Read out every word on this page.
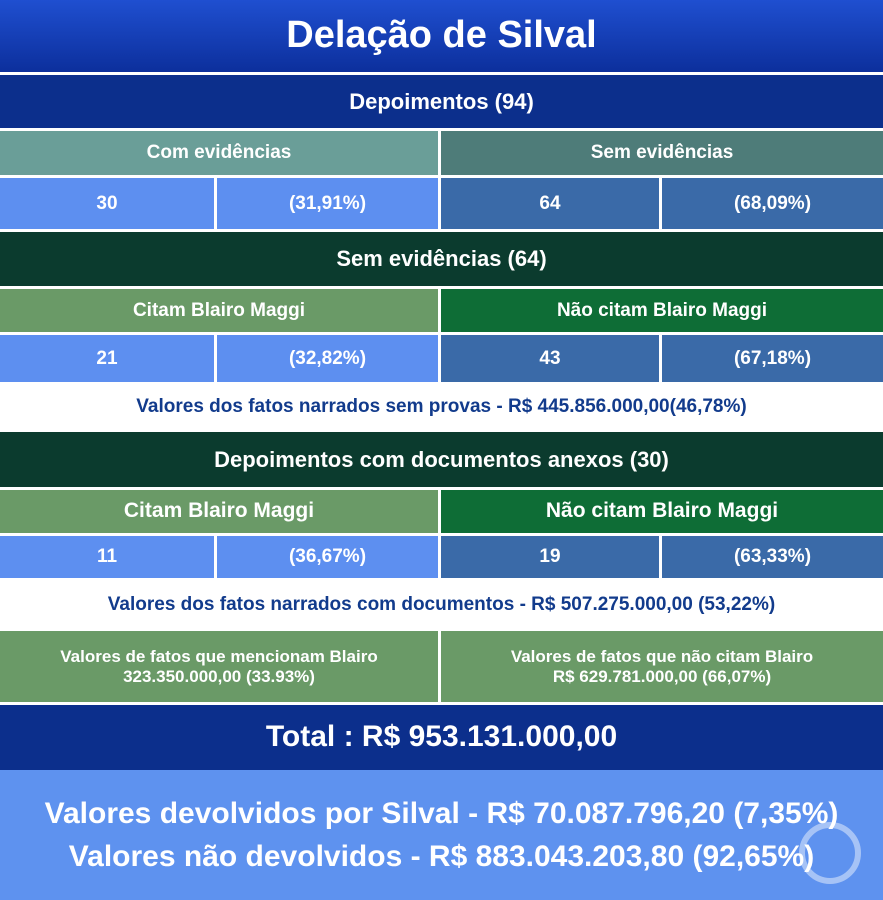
Delação de Silval
Depoimentos (94)
Com evidências	Sem evidências
30	(31,91%)	64	(68,09%)
Sem evidências (64)
Citam Blairo Maggi	Não citam Blairo Maggi
21	(32,82%)	43	(67,18%)
Valores dos fatos narrados sem provas - R$ 445.856.000,00(46,78%)
Depoimentos com documentos anexos (30)
Citam Blairo Maggi	Não citam Blairo Maggi
11	(36,67%)	19	(63,33%)
Valores dos fatos narrados com documentos - R$ 507.275.000,00 (53,22%)
Valores de fatos que mencionam Blairo
323.350.000,00 (33.93%)
Valores de fatos que não citam Blairo
R$ 629.781.000,00 (66,07%)
Total : R$ 953.131.000,00
Valores devolvidos por Silval - R$ 70.087.796,20 (7,35%)
Valores não devolvidos - R$ 883.043.203,80 (92,65%)
